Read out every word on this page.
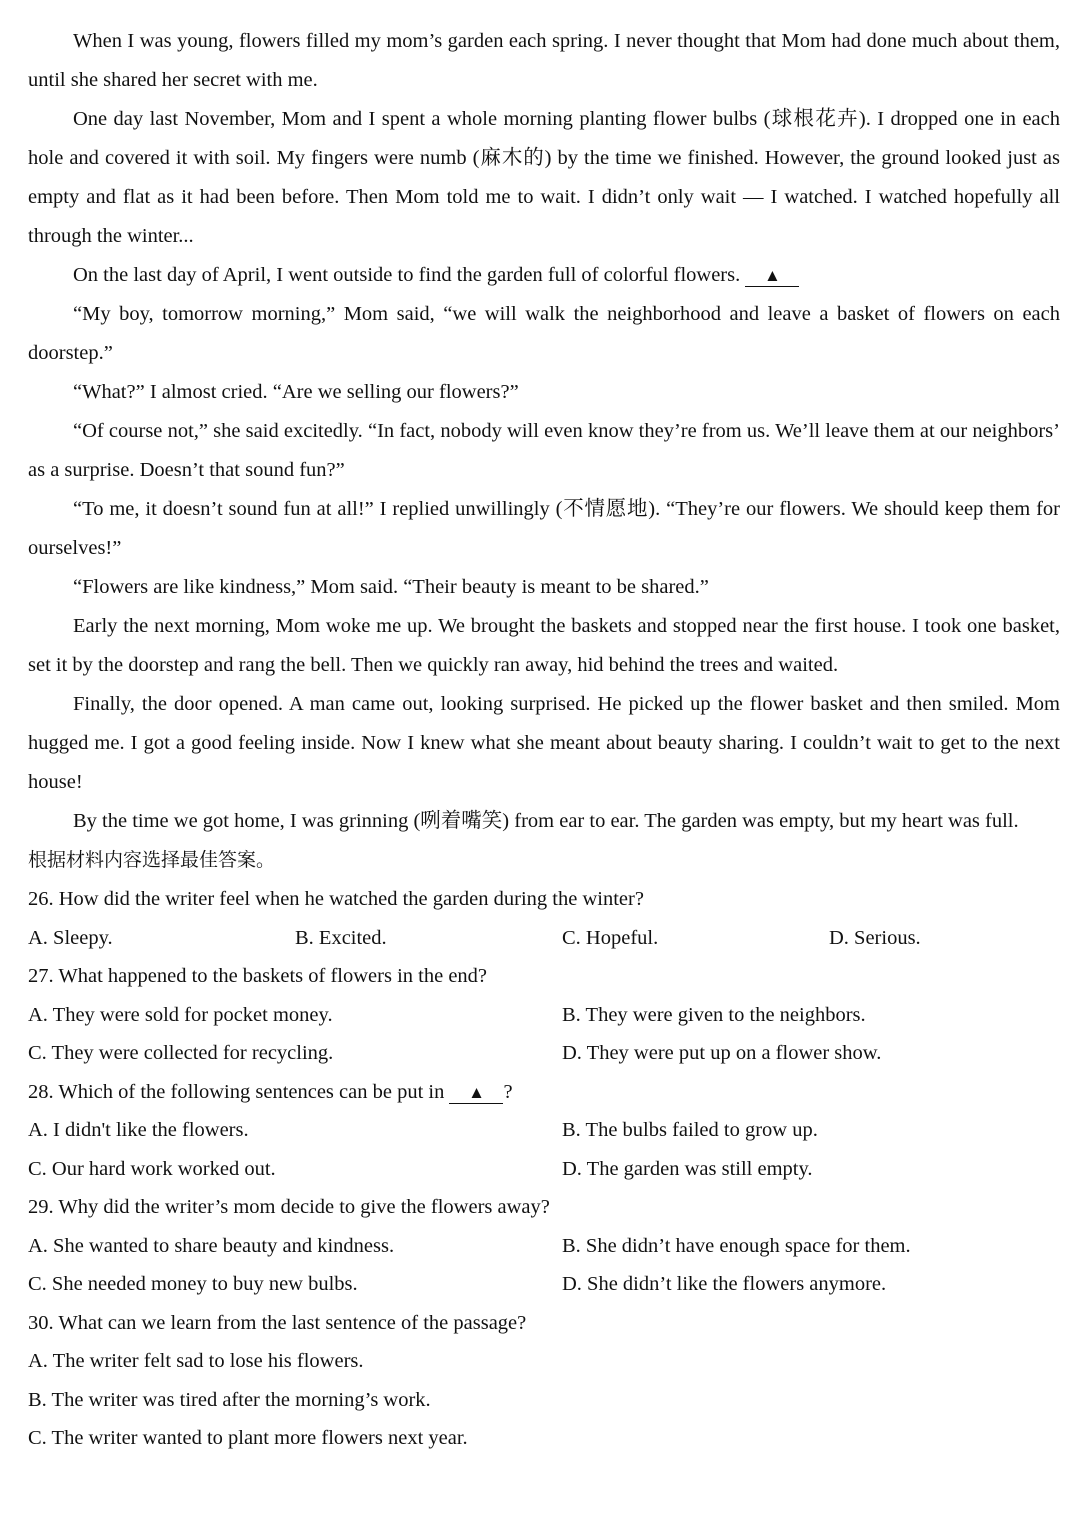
When I was young, flowers filled my mom’s garden each spring. I never thought that Mom had done much about them, until she shared her secret with me.

One day last November, Mom and I spent a whole morning planting flower bulbs (球根花卉). I dropped one in each hole and covered it with soil. My fingers were numb (麻木的) by the time we finished. However, the ground looked just as empty and flat as it had been before. Then Mom told me to wait. I didn’t only wait — I watched. I watched hopefully all through the winter...

On the last day of April, I went outside to find the garden full of colorful flowers. ▲

“My boy, tomorrow morning,” Mom said, “we will walk the neighborhood and leave a basket of flowers on each doorstep.”

“What?” I almost cried. “Are we selling our flowers?”

“Of course not,” she said excitedly. “In fact, nobody will even know they’re from us. We’ll leave them at our neighbors’ as a surprise. Doesn’t that sound fun?”

“To me, it doesn’t sound fun at all!” I replied unwillingly (不情愿地). “They’re our flowers. We should keep them for ourselves!”

“Flowers are like kindness,” Mom said. “Their beauty is meant to be shared.”

Early the next morning, Mom woke me up. We brought the baskets and stopped near the first house. I took one basket, set it by the doorstep and rang the bell. Then we quickly ran away, hid behind the trees and waited.

Finally, the door opened. A man came out, looking surprised. He picked up the flower basket and then smiled. Mom hugged me. I got a good feeling inside. Now I knew what she meant about beauty sharing. I couldn’t wait to get to the next house!

By the time we got home, I was grinning (咧着嘴笑) from ear to ear. The garden was empty, but my heart was full.

根据材料内容选择最佳答案。

26. How did the writer feel when he watched the garden during the winter?
A. Sleepy.	B. Excited.	C. Hopeful.	D. Serious.
27. What happened to the baskets of flowers in the end?
A. They were sold for pocket money.	B. They were given to the neighbors.
C. They were collected for recycling.	D. They were put up on a flower show.
28. Which of the following sentences can be put in ▲ ?
A. I didn't like the flowers.	B. The bulbs failed to grow up.
C. Our hard work worked out.	D. The garden was still empty.
29. Why did the writer’s mom decide to give the flowers away?
A. She wanted to share beauty and kindness.	B. She didn’t have enough space for them.
C. She needed money to buy new bulbs.	D. She didn’t like the flowers anymore.
30. What can we learn from the last sentence of the passage?
A. The writer felt sad to lose his flowers.
B. The writer was tired after the morning’s work.
C. The writer wanted to plant more flowers next year.
